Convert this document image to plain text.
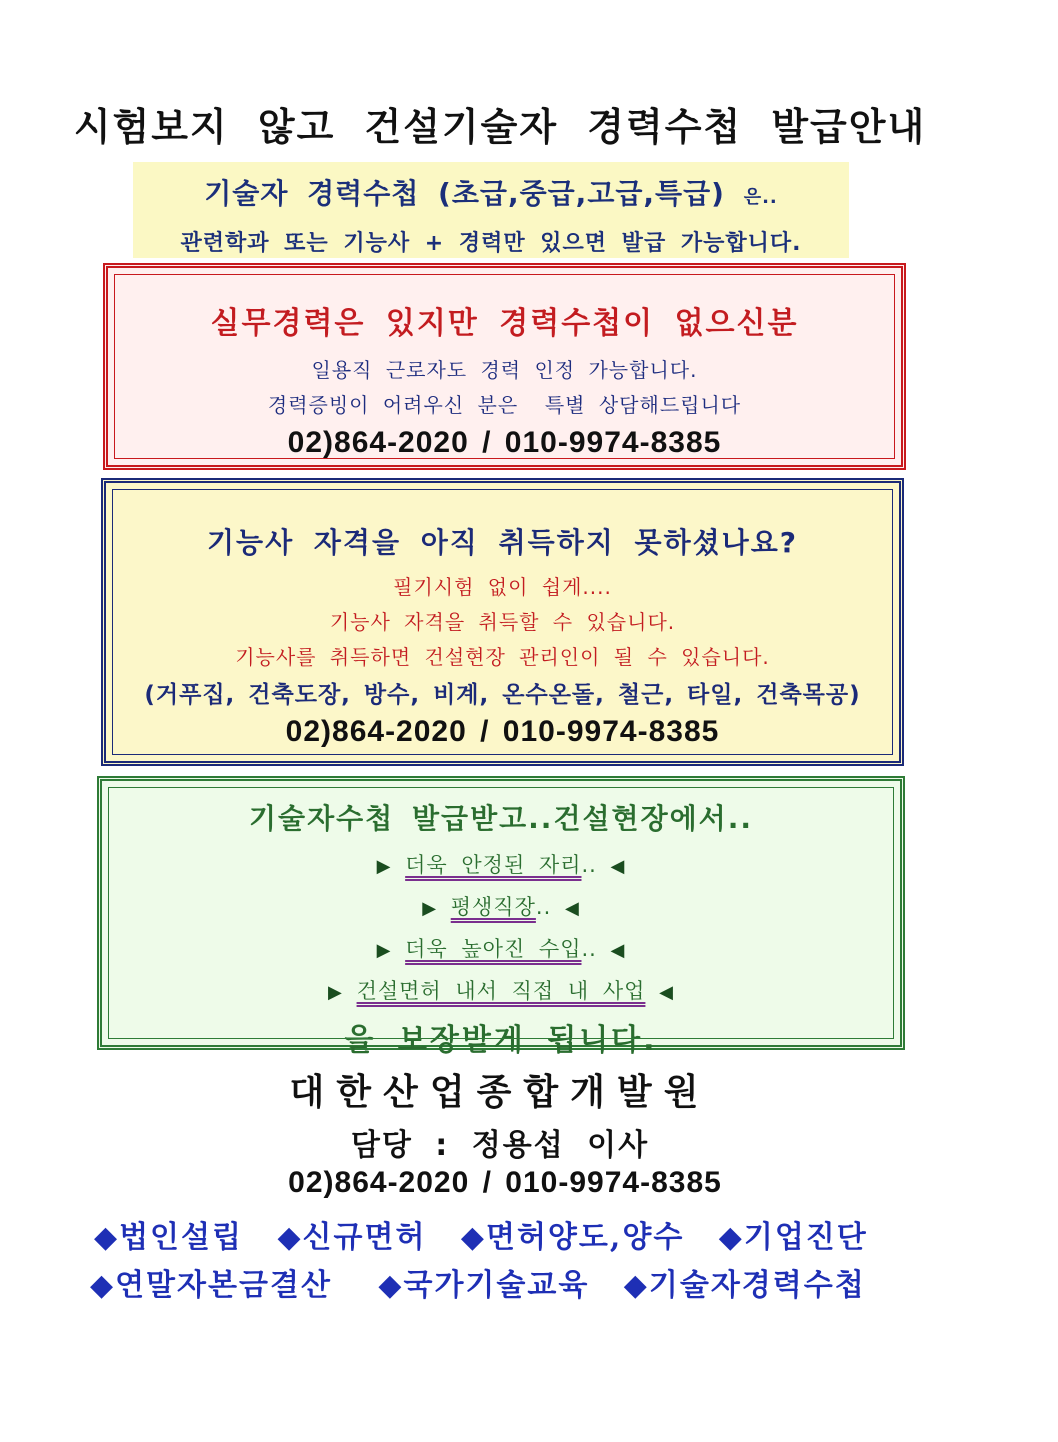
시험보지 않고 건설기술자 경력수첩 발급안내
기술자 경력수첩 (초급,중급,고급,특급) 은..
관련학과 또는 기능사 + 경력만 있으면 발급 가능합니다.
실무경력은 있지만 경력수첩이 없으신분
일용직 근로자도 경력 인정 가능합니다.
경력증빙이 어려우신 분은  특별 상담해드립니다
02)864-2020 / 010-9974-8385
기능사 자격을 아직 취득하지 못하셨나요?
필기시험 없이 쉽게....
기능사 자격을 취득할 수 있습니다.
기능사를 취득하면 건설현장 관리인이 될 수 있습니다.
(거푸집, 건축도장, 방수, 비계, 온수온돌, 철근, 타일, 건축목공)
02)864-2020 / 010-9974-8385
기술자수첩 발급받고..건설현장에서..
▶ 더욱 안정된 자리.. ◀
▶ 평생직장.. ◀
▶ 더욱 높아진 수입.. ◀
▶ 건설면허 내서 직접 내 사업 ◀
을 보장받게 됩니다.
대한산업종합개발원
담당 : 정용섭 이사
02)864-2020 / 010-9974-8385
◆법인설립 ◆신규면허 ◆면허양도,양수 ◆기업진단
◆연말자본금결산 ◆국가기술교육 ◆기술자경력수첩
